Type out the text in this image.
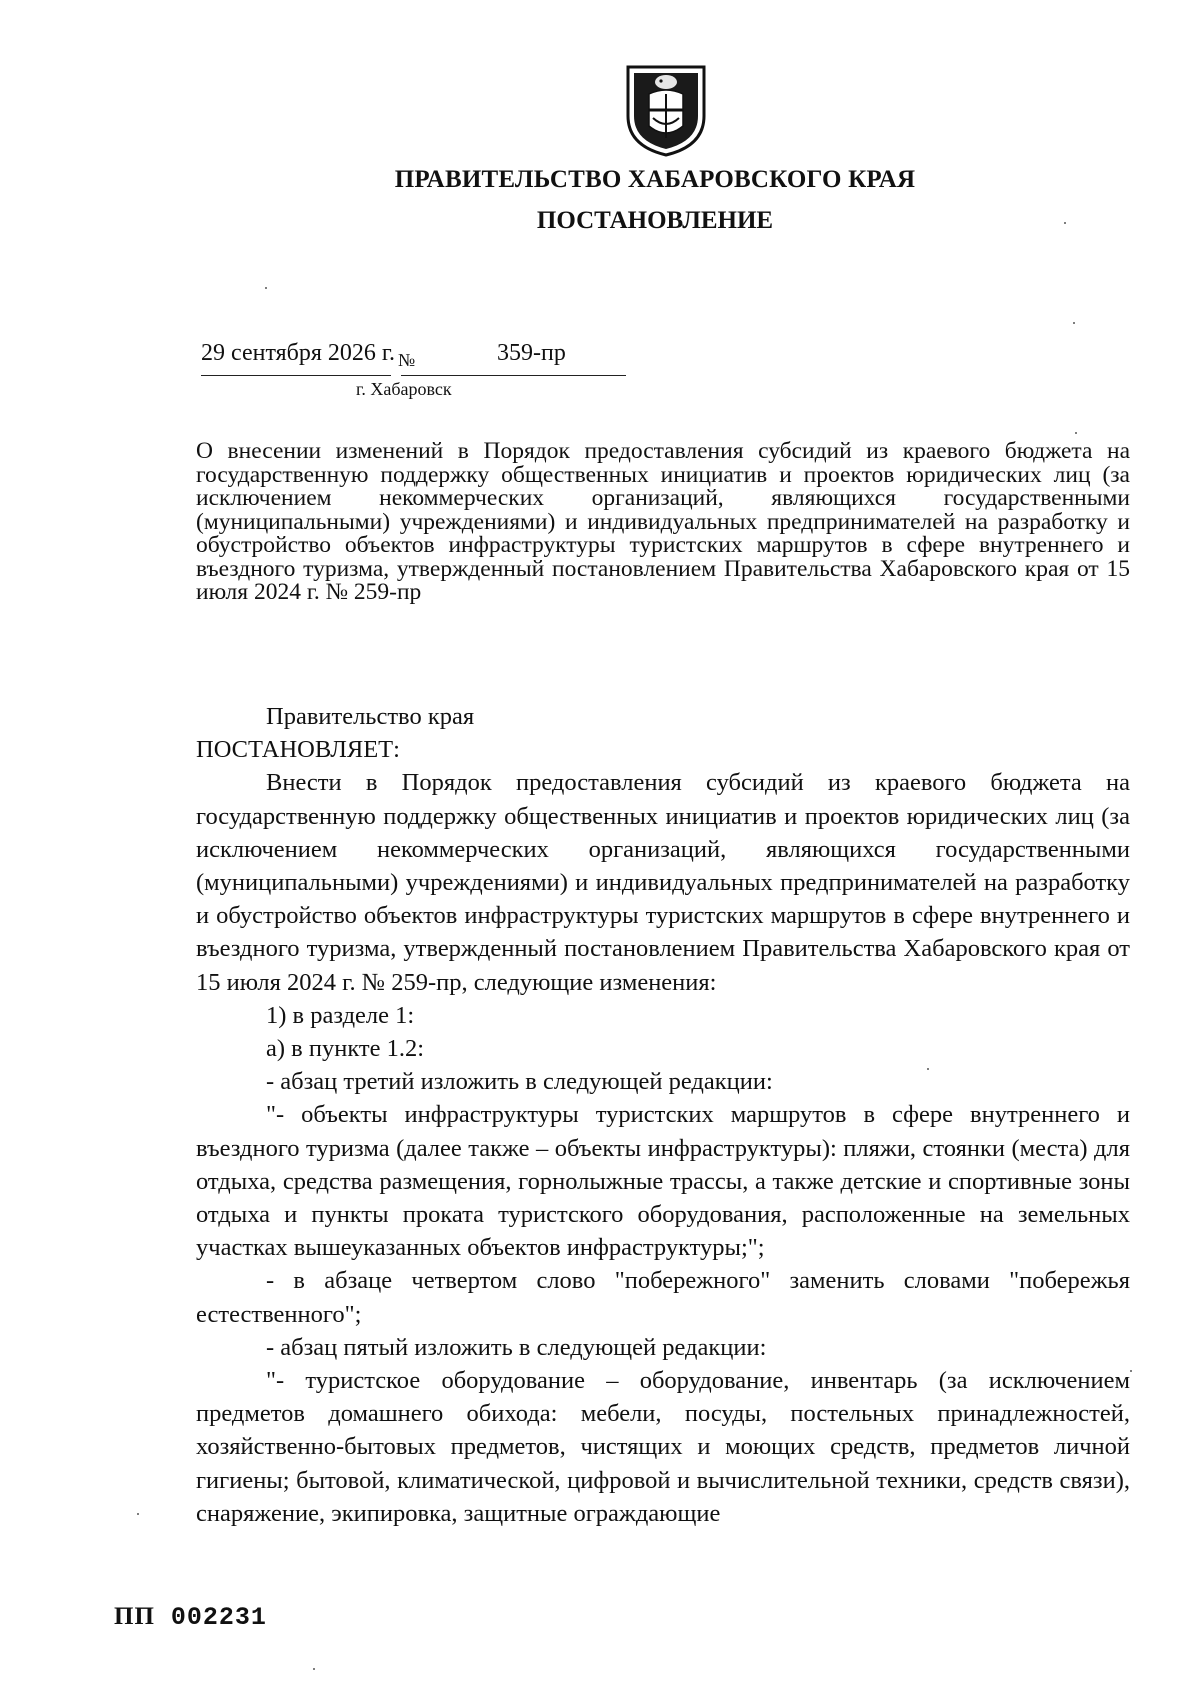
ПРАВИТЕЛЬСТВО ХАБАРОВСКОГО КРАЯ
ПОСТАНОВЛЕНИЕ
29 сентября 2026 г. №	359-пр
г. Хабаровск
О внесении изменений в Порядок предоставления субсидий из краевого бюджета на государственную поддержку общественных инициатив и проектов юридических лиц (за исключением некоммерческих организаций, являющихся государственными (муниципальными) учреждениями) и индивидуальных предпринимателей на разработку и обустройство объектов инфраструктуры туристских маршрутов в сфере внутреннего и въездного туризма, утвержденный постановлением Правительства Хабаровского края от 15 июля 2024 г. № 259-пр

Правительство края

ПОСТАНОВЛЯЕТ:

Внести в Порядок предоставления субсидий из краевого бюджета на государственную поддержку общественных инициатив и проектов юридических лиц (за исключением некоммерческих организаций, являющихся государственными (муниципальными) учреждениями) и индивидуальных предпринимателей на разработку и обустройство объектов инфраструктуры туристских маршрутов в сфере внутреннего и въездного туризма, утвержденный постановлением Правительства Хабаровского края от 15 июля 2024 г. № 259-пр, следующие изменения:

1) в разделе 1:

а) в пункте 1.2:

- абзац третий изложить в следующей редакции:

"- объекты инфраструктуры туристских маршрутов в сфере внутреннего и въездного туризма (далее также – объекты инфраструктуры): пляжи, стоянки (места) для отдыха, средства размещения, горнолыжные трассы, а также детские и спортивные зоны отдыха и пункты проката туристского оборудования, расположенные на земельных участках вышеуказанных объектов инфраструктуры;";

- в абзаце четвертом слово "побережного" заменить словами "побережья естественного";

- абзац пятый изложить в следующей редакции:

"- туристское оборудование – оборудование, инвентарь (за исключением предметов домашнего обихода: мебели, посуды, постельных принадлежностей, хозяйственно-бытовых предметов, чистящих и моющих средств, предметов личной гигиены; бытовой, климатической, цифровой и вычислительной техники, средств связи), снаряжение, экипировка, защитные ограждающие

ПП 002231
